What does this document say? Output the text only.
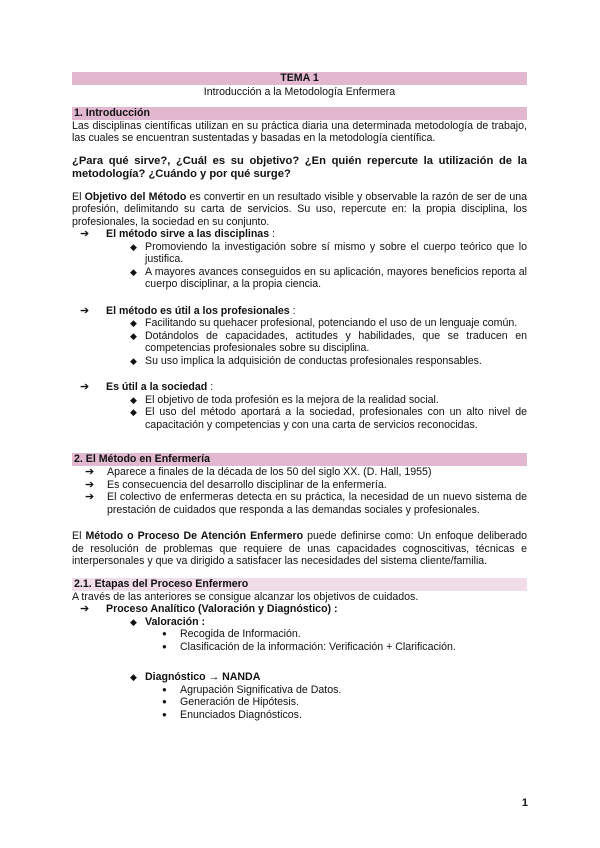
TEMA 1
Introducción a la Metodología Enfermera
1. Introducción

Las disciplinas científicas utilizan en su práctica diaria una determinada metodología de trabajo, las cuales se encuentran sustentadas y basadas en la metodología científica.

¿Para qué sirve?, ¿Cuál es su objetivo? ¿En quién repercute la utilización de la metodología? ¿Cuándo y por qué surge?

El Objetivo del Método es convertir en un resultado visible y observable la razón de ser de una profesión, delimitando su carta de servicios. Su uso, repercute en: la propia disciplina, los profesionales, la sociedad en su conjunto.

➔	El método sirve a las disciplinas :
◆ Promoviendo la investigación sobre sí mismo y sobre el cuerpo teórico que lo justifica.
◆ A mayores avances conseguidos en su aplicación, mayores beneficios reporta al cuerpo disciplinar, a la propia ciencia.
➔	El método es útil a los profesionales :
◆ Facilitando su quehacer profesional, potenciando el uso de un lenguaje común.
◆ Dotándolos de capacidades, actitudes y habilidades, que se traducen en competencias profesionales sobre su disciplina.
◆ Su uso implica la adquisición de conductas profesionales responsables.
➔	Es útil a la sociedad :
◆ El objetivo de toda profesión es la mejora de la realidad social.
◆ El uso del método aportará a la sociedad, profesionales con un alto nivel de capacitación y competencias y con una carta de servicios reconocidas.
2. El Método en Enfermería
➔	Aparece a finales de la década de los 50 del siglo XX. (D. Hall, 1955)
➔	Es consecuencia del desarrollo disciplinar de la enfermería.
➔	El colectivo de enfermeras detecta en su práctica, la necesidad de un nuevo sistema de prestación de cuidados que responda a las demandas sociales y profesionales.

El Método o Proceso De Atención Enfermero puede definirse como: Un enfoque deliberado de resolución de problemas que requiere de unas capacidades cognoscitivas, técnicas e interpersonales y que va dirigido a satisfacer las necesidades del sistema cliente/familia.

2.1. Etapas del Proceso Enfermero

A través de las anteriores se consigue alcanzar los objetivos de cuidados.

➔	Proceso Analítico (Valoración y Diagnóstico) :
◆ Valoración :
●	Recogida de Información.
●	Clasificación de la información: Verificación + Clarificación.
◆ Diagnóstico → NANDA
●	Agrupación Significativa de Datos.
●	Generación de Hipótesis.
●	Enunciados Diagnósticos.
1
